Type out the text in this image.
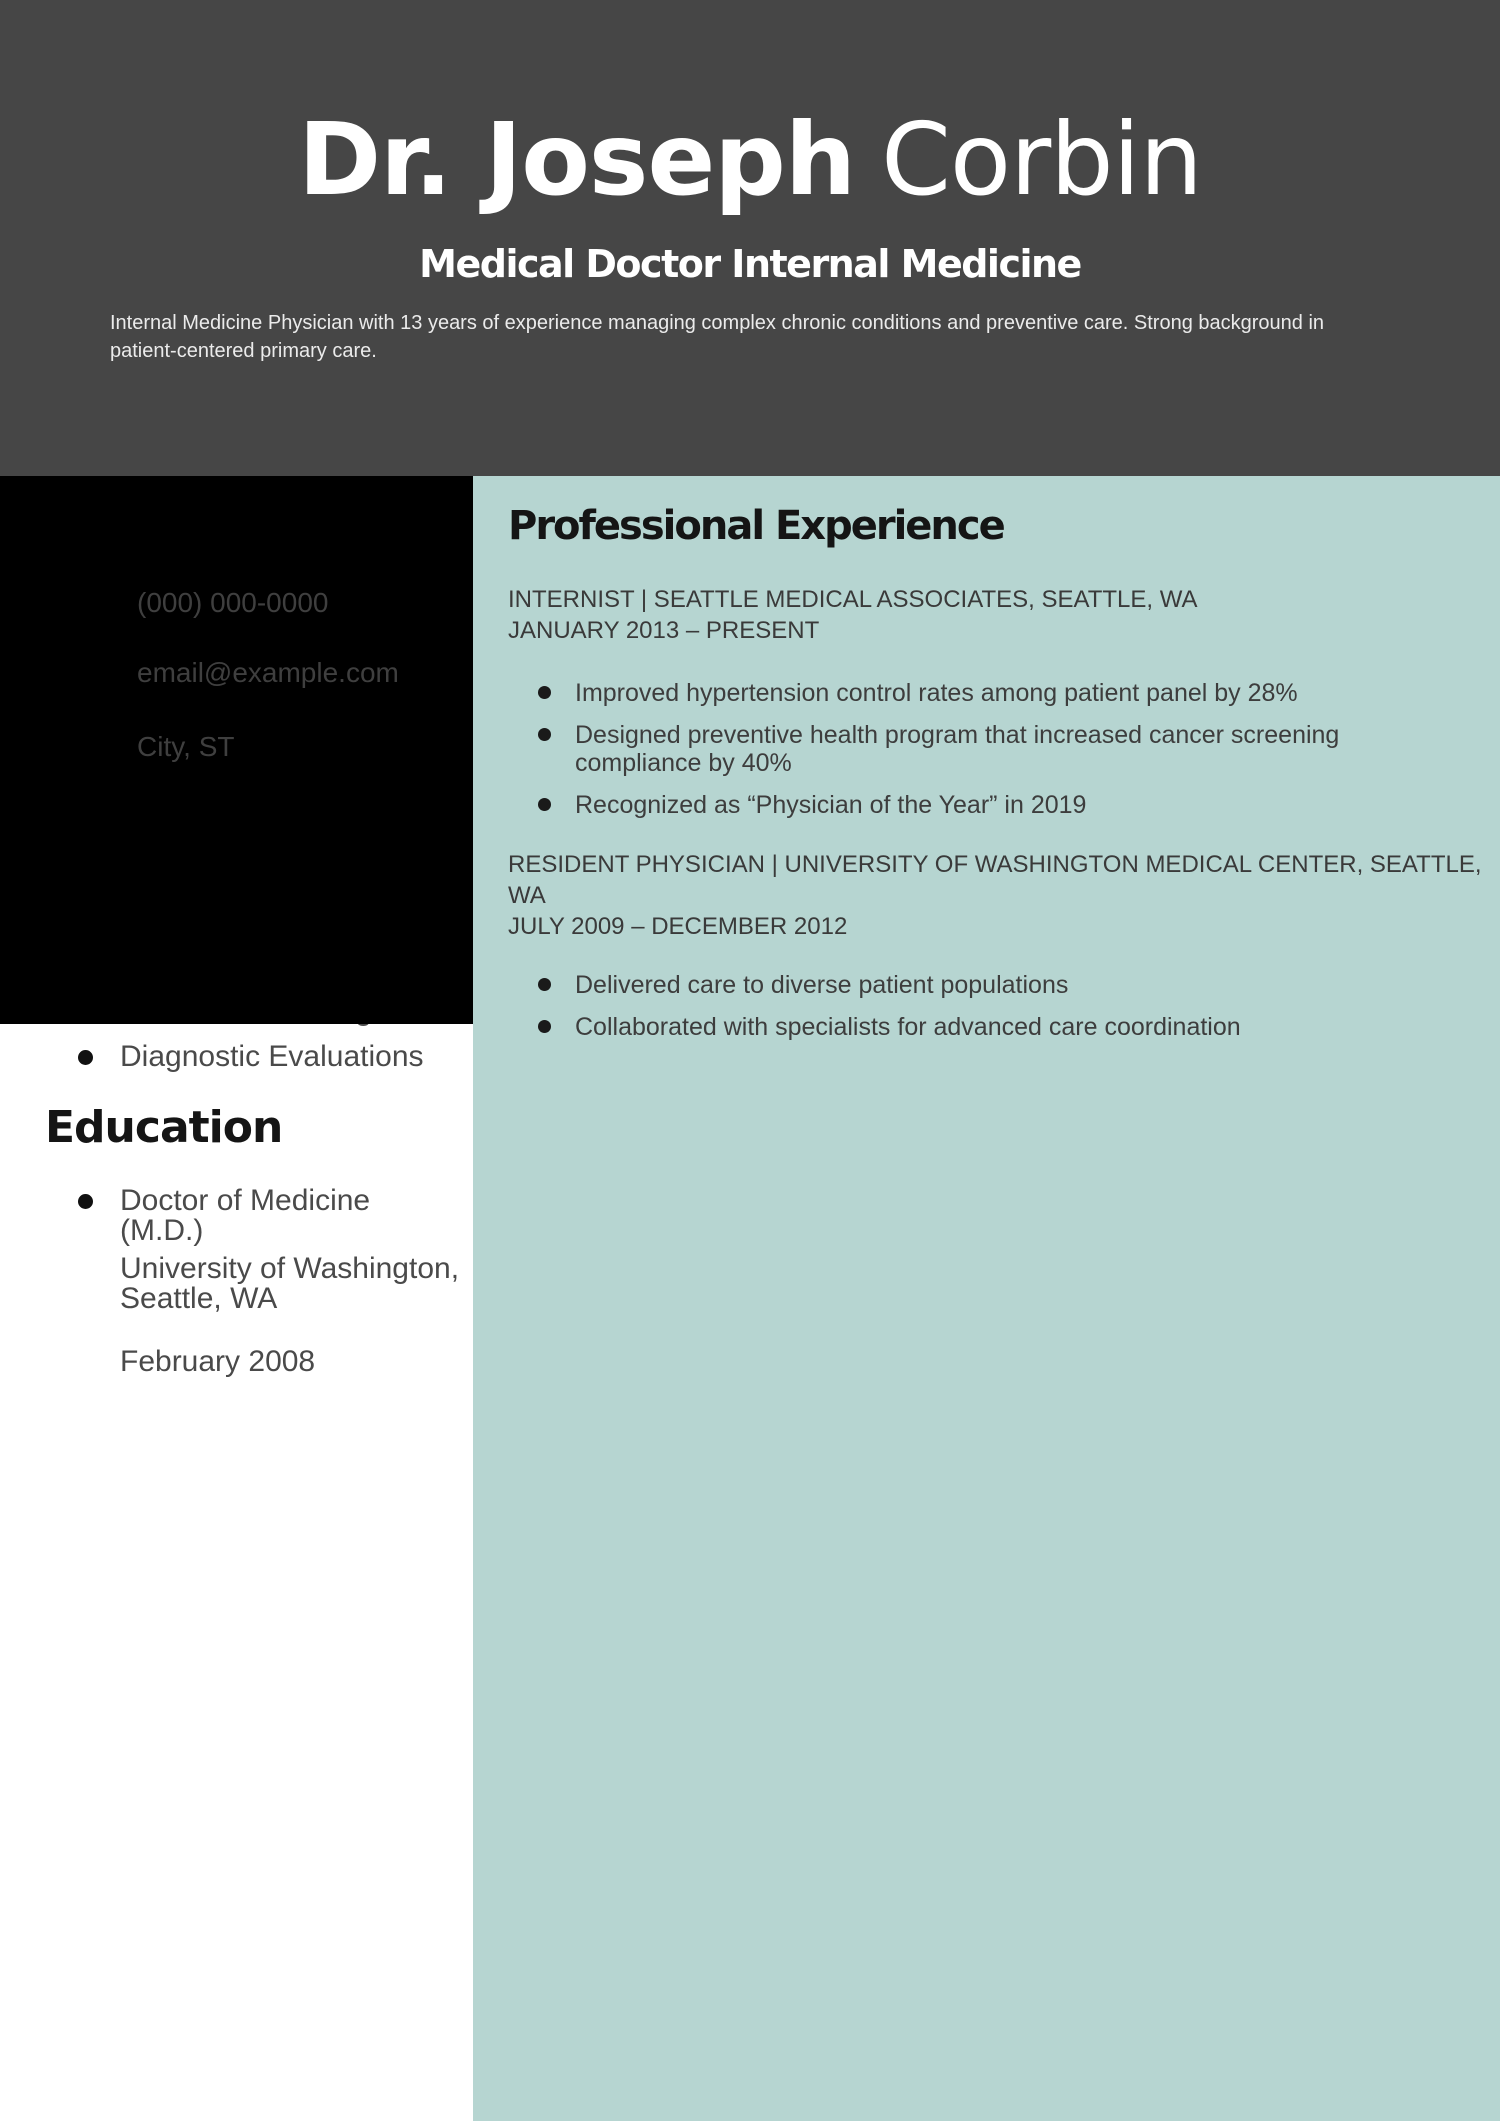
Dr. Joseph Corbin
Medical Doctor Internal Medicine

Internal Medicine Physician with 13 years of experience managing complex chronic conditions and preventive care. Strong background in patient-centered primary care.

(000) 000-0000
email@example.com
City, ST
Diagnostic Evaluations
Education
Doctor of Medicine (M.D.)
University of Washington,
Seattle, WA
February 2008
Professional Experience
INTERNIST | SEATTLE MEDICAL ASSOCIATES, SEATTLE, WA
JANUARY 2013 – PRESENT
Improved hypertension control rates among patient panel by 28%
Designed preventive health program that increased cancer screening compliance by 40%
Recognized as “Physician of the Year” in 2019
RESIDENT PHYSICIAN | UNIVERSITY OF WASHINGTON MEDICAL CENTER, SEATTLE, WA
JULY 2009 – DECEMBER 2012
Delivered care to diverse patient populations
Collaborated with specialists for advanced care coordination
